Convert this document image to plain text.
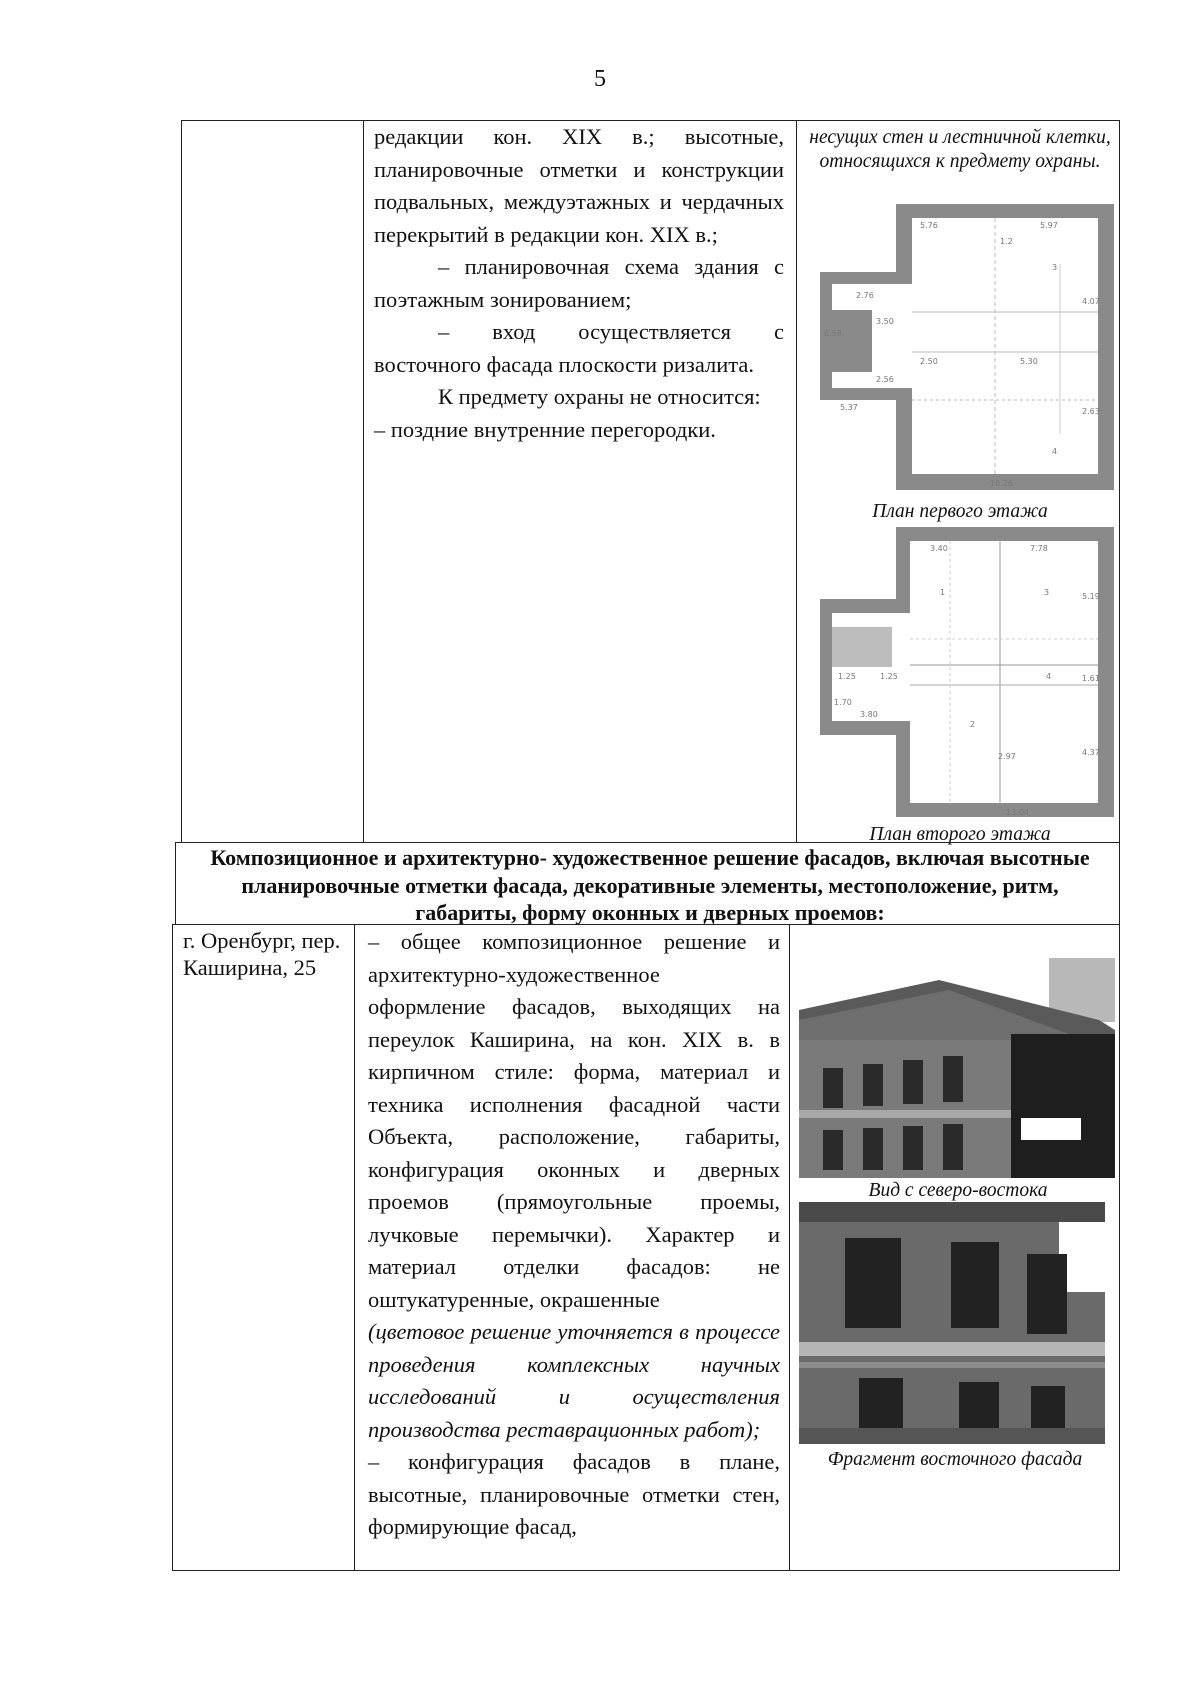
5

редакции кон. XIX в.; высотные, планировочные отметки и конструкции подвальных, междуэтажных и чердачных перекрытий в редакции кон. XIX в.;

– планировочная схема здания с поэтажным зонированием;

– вход осуществляется с восточного фасада плоскости ризалита.

К предмету охраны не относится:

– поздние внутренние перегородки.

несущих стен и лестничной клетки, относящихся к предмету охраны.
5.76	5.97
2.76
3.50
2.56
5.37
2.50	5.30
4.07
2.63
1.2
6.58
10.26
4
3
План первого этажа
3.40	7.78
1
2
3
1.25	1.25
1.70
3.80
4
5.19
1.61
4.37
2.97
13.04
План второго этажа
Композиционное и архитектурно- художественное решение фасадов, включая высотные планировочные отметки фасада, декоративные элементы, местоположение, ритм, габариты, форму оконных и дверных проемов:
г. Оренбург, пер. Каширина, 25

– общее композиционное решение и архитектурно-художественное оформление фасадов, выходящих на переулок Каширина, на кон. XIX в. в кирпичном стиле: форма, материал и техника исполнения фасадной части Объекта, расположение, габариты, конфигурация оконных и дверных проемов (прямоугольные проемы, лучковые перемычки). Характер и материал отделки фасадов: не оштукатуренные, окрашенные

(цветовое решение уточняется в процессе проведения комплексных научных исследований и осуществления производства реставрационных работ);

– конфигурация фасадов в плане, высотные, планировочные отметки стен, формирующие фасад,

Вид с северо-востока
Фрагмент восточного фасада
